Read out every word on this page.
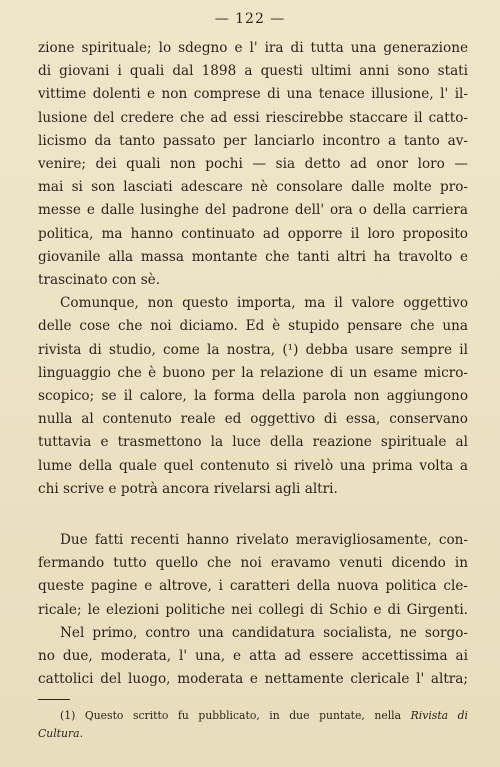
— 122 —
zione spirituale; lo sdegno e l' ira di tutta una generazione
di giovani i quali dal 1898 a questi ultimi anni sono stati
vittime dolenti e non comprese di una tenace illusione, l' il-
lusione del credere che ad essi riescirebbe staccare il catto-
licismo da tanto passato per lanciarlo incontro a tanto av-
venire; dei quali non pochi — sia detto ad onor loro —
mai si son lasciati adescare nè consolare dalle molte pro-
messe e dalle lusinghe del padrone dell' ora o della carriera
politica, ma hanno continuato ad opporre il loro proposito
giovanile alla massa montante che tanti altri ha travolto e
trascinato con sè.
Comunque, non questo importa, ma il valore oggettivo
delle cose che noi diciamo. Ed è stupido pensare che una
rivista di studio, come la nostra, (¹) debba usare sempre il
linguaggio che è buono per la relazione di un esame micro-
scopico; se il calore, la forma della parola non aggiungono
nulla al contenuto reale ed oggettivo di essa, conservano
tuttavia e trasmettono la luce della reazione spirituale al
lume della quale quel contenuto si rivelò una prima volta a
chi scrive e potrà ancora rivelarsi agli altri.
Due fatti recenti hanno rivelato meravigliosamente, con-
fermando tutto quello che noi eravamo venuti dicendo in
queste pagine e altrove, i caratteri della nuova politica cle-
ricale; le elezioni politiche nei collegi di Schio e di Girgenti.
Nel primo, contro una candidatura socialista, ne sorgo-
no due, moderata, l' una, e atta ad essere accettissima ai
cattolici del luogo, moderata e nettamente clericale l' altra;
(1) Questo scritto fu pubblicato, in due puntate, nella Rivista di
Cultura.
